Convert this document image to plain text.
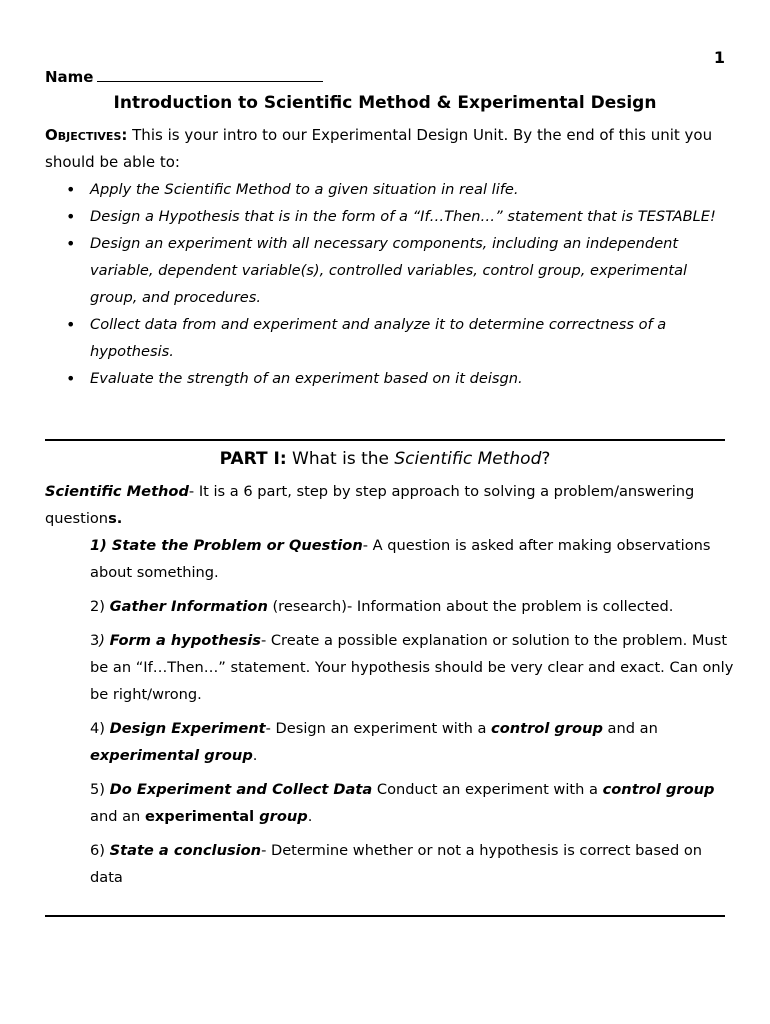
1
Name
Introduction to Scientific Method & Experimental Design
Objectives: This is your intro to our Experimental Design Unit. By the end of this unit you should be able to:
• Apply the Scientific Method to a given situation in real life.
• Design a Hypothesis that is in the form of a “If…Then…” statement that is TESTABLE!
• Design an experiment with all necessary components, including an independent variable, dependent variable(s), controlled variables, control group, experimental group, and procedures.
• Collect data from and experiment and analyze it to determine correctness of a hypothesis.
• Evaluate the strength of an experiment based on it deisgn.
PART I: What is the Scientific Method?
Scientific Method- It is a 6 part, step by step approach to solving a problem/answering questions.

1) State the Problem or Question- A question is asked after making observations about something.

2) Gather Information (research)- Information about the problem is collected.

3) Form a hypothesis- Create a possible explanation or solution to the problem. Must be an “If…Then…” statement. Your hypothesis should be very clear and exact. Can only be right/wrong.

4) Design Experiment- Design an experiment with a control group and an experimental group.

5) Do Experiment and Collect Data Conduct an experiment with a control group and an experimental group.

6) State a conclusion- Determine whether or not a hypothesis is correct based on data
